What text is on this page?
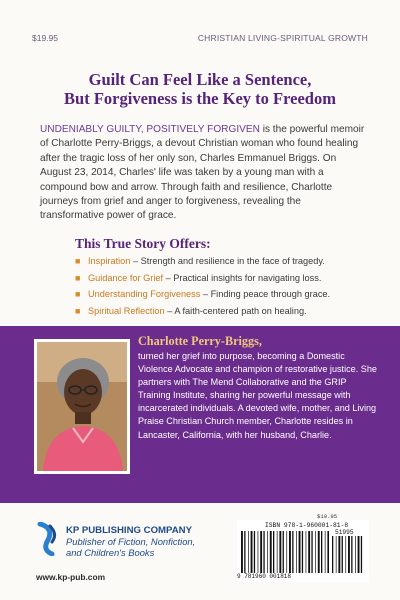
$19.95	CHRISTIAN LIVING-SPIRITUAL GROWTH
Guilt Can Feel Like a Sentence,
But Forgiveness is the Key to Freedom

UNDENIABLY GUILTY, POSITIVELY FORGIVEN is the powerful memoir of Charlotte Perry-Briggs, a devout Christian woman who found healing after the tragic loss of her only son, Charles Emmanuel Briggs. On August 23, 2014, Charles' life was taken by a young man with a compound bow and arrow. Through faith and resilience, Charlotte journeys from grief and anger to forgiveness, revealing the transformative power of grace.

This True Story Offers:
■ Inspiration – Strength and resilience in the face of tragedy.
■ Guidance for Grief – Practical insights for navigating loss.
■ Understanding Forgiveness – Finding peace through grace.
■ Spiritual Reflection – A faith-centered path on healing.
Charlotte Perry-Briggs,

turned her grief into purpose, becoming a Domestic Violence Advocate and champion of restorative justice. She partners with The Mend Collaborative and the GRIP Training Institute, sharing her powerful message with incarcerated individuals. A devoted wife, mother, and Living Praise Christian Church member, Charlotte resides in Lancaster, California, with her husband, Charlie.

KP PUBLISHING COMPANY
Publisher of Fiction, Nonfiction,
and Children's Books
www.kp-pub.com
$19.95
ISBN 978-1-960001-81-8
51995
9 781960 001818
